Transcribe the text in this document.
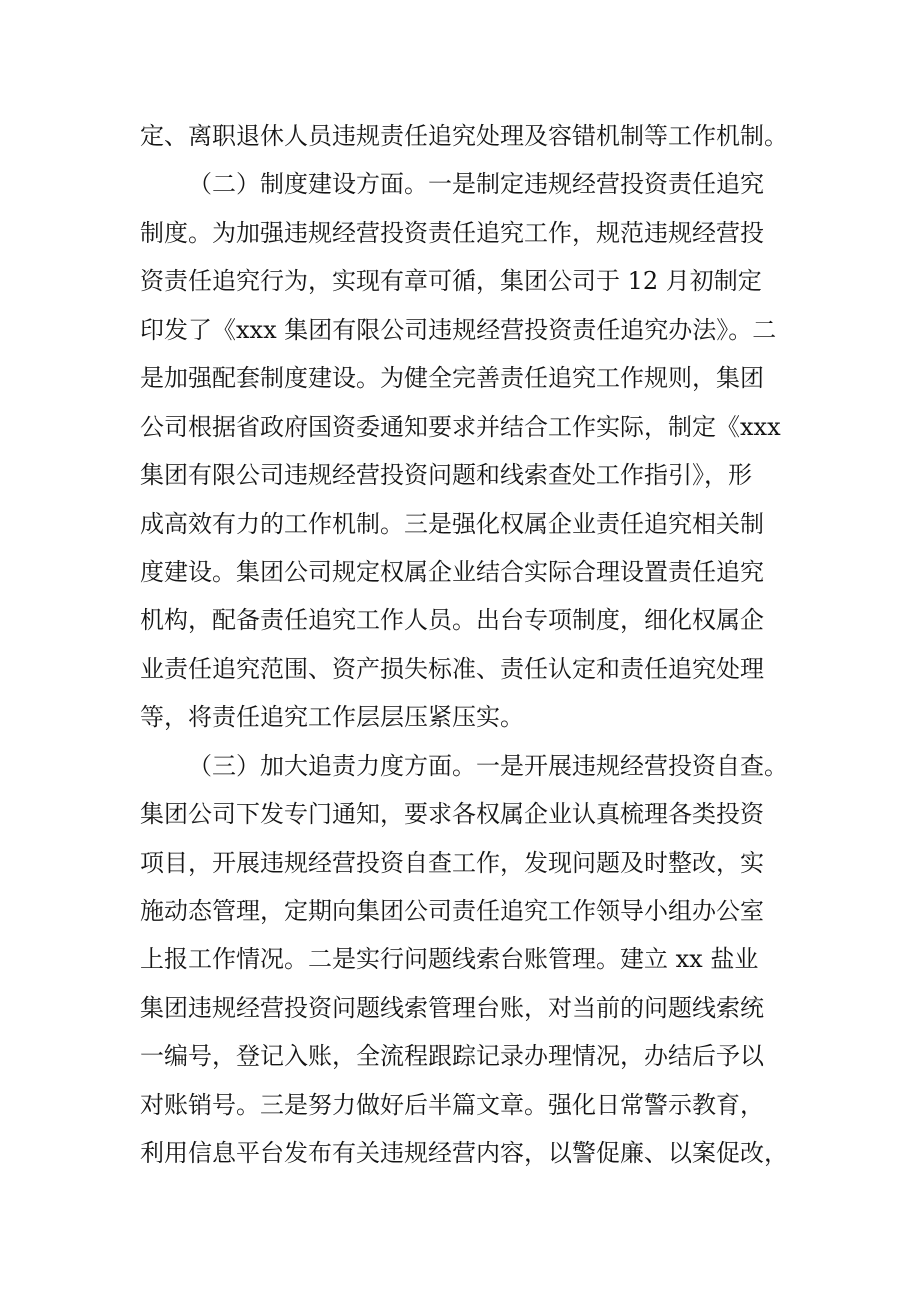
定、离职退休人员违规责任追究处理及容错机制等工作机制。
（二）制度建设方面。一是制定违规经营投资责任追究
制度。为加强违规经营投资责任追究工作，规范违规经营投
资责任追究行为，实现有章可循，集团公司于 12 月初制定
印发了《xxx 集团有限公司违规经营投资责任追究办法》。二
是加强配套制度建设。为健全完善责任追究工作规则，集团
公司根据省政府国资委通知要求并结合工作实际，制定《xxx
集团有限公司违规经营投资问题和线索查处工作指引》，形
成高效有力的工作机制。三是强化权属企业责任追究相关制
度建设。集团公司规定权属企业结合实际合理设置责任追究
机构，配备责任追究工作人员。出台专项制度，细化权属企
业责任追究范围、资产损失标准、责任认定和责任追究处理
等，将责任追究工作层层压紧压实。
（三）加大追责力度方面。一是开展违规经营投资自查。
集团公司下发专门通知，要求各权属企业认真梳理各类投资
项目，开展违规经营投资自查工作，发现问题及时整改，实
施动态管理，定期向集团公司责任追究工作领导小组办公室
上报工作情况。二是实行问题线索台账管理。建立 xx 盐业
集团违规经营投资问题线索管理台账，对当前的问题线索统
一编号，登记入账，全流程跟踪记录办理情况，办结后予以
对账销号。三是努力做好后半篇文章。强化日常警示教育，
利用信息平台发布有关违规经营内容，以警促廉、以案促改，
